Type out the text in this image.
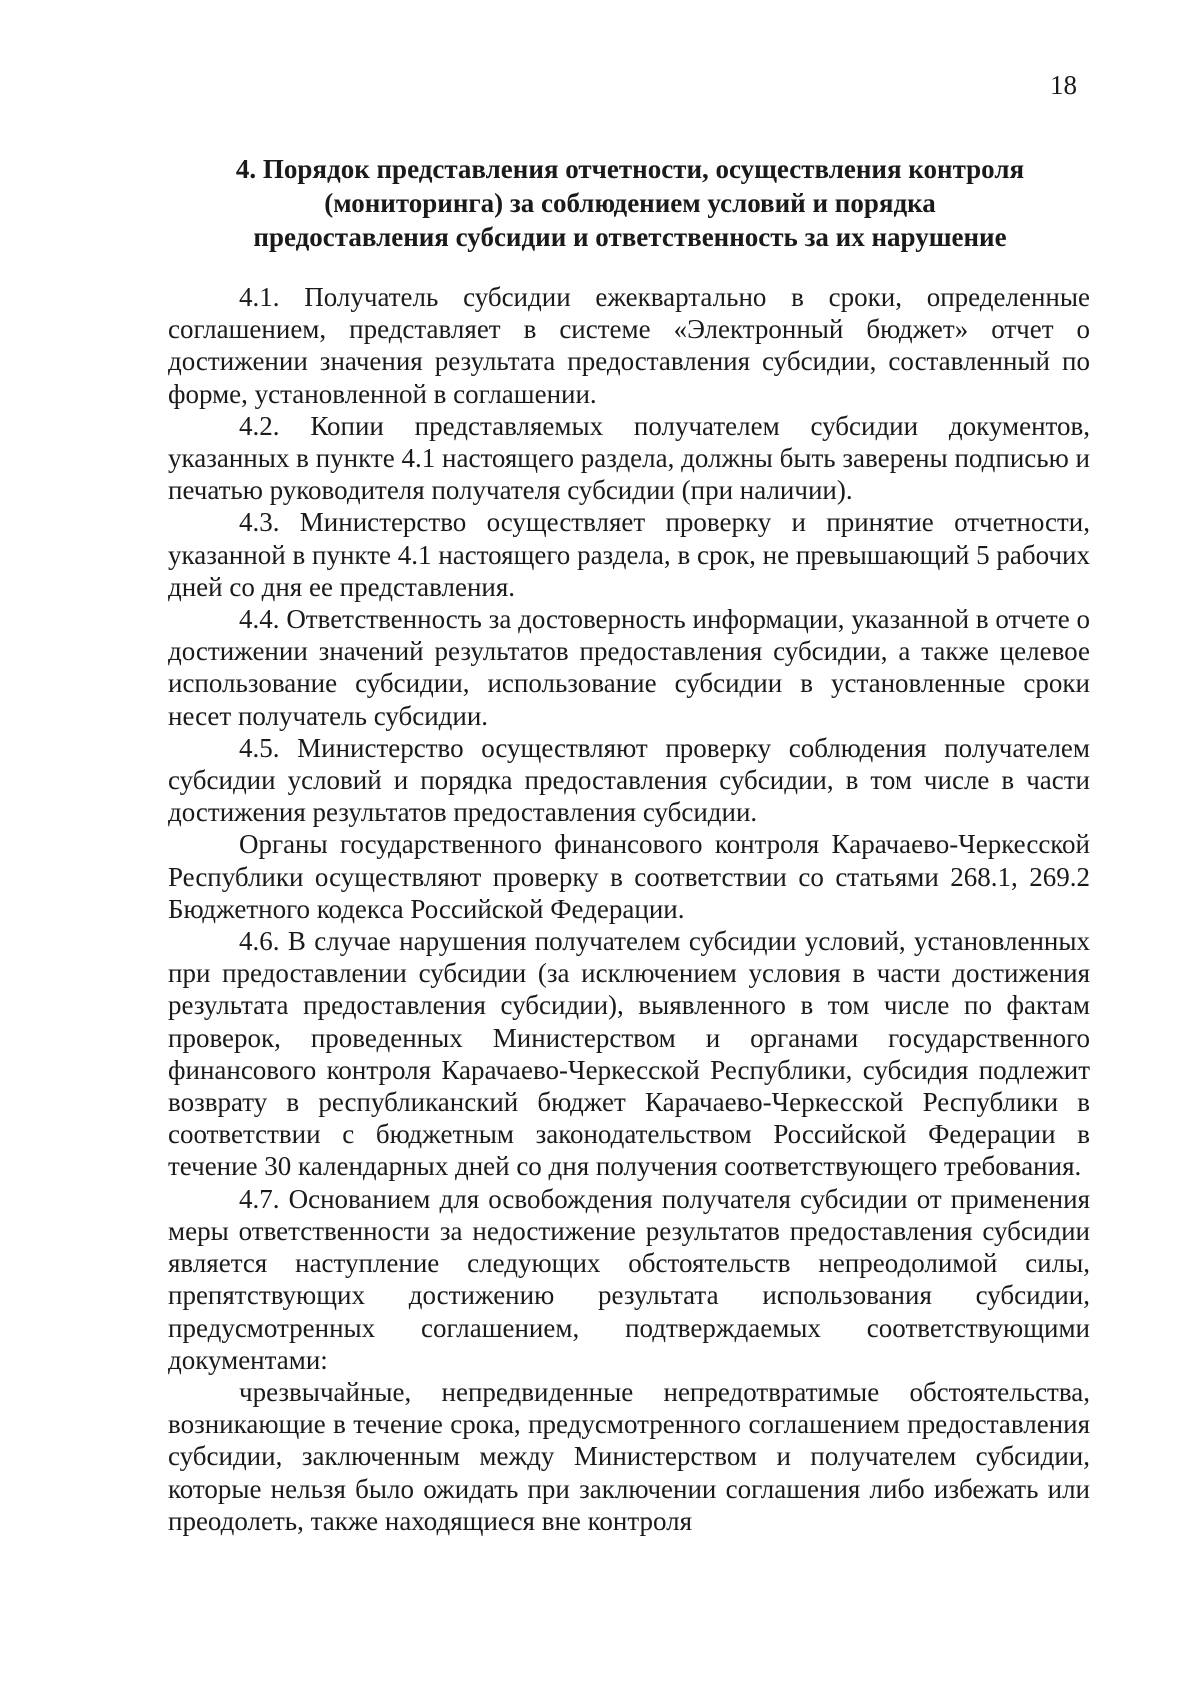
18
4. Порядок представления отчетности, осуществления контроля
(мониторинга) за соблюдением условий и порядка
предоставления субсидии и ответственность за их нарушение

4.1. Получатель субсидии ежеквартально в сроки, определенные соглашением, представляет в системе «Электронный бюджет» отчет о достижении значения результата предоставления субсидии, составленный по форме, установленной в соглашении.

4.2. Копии представляемых получателем субсидии документов, указанных в пункте 4.1 настоящего раздела, должны быть заверены подписью и печатью руководителя получателя субсидии (при наличии).

4.3. Министерство осуществляет проверку и принятие отчетности, указанной в пункте 4.1 настоящего раздела, в срок, не превышающий 5 рабочих дней со дня ее представления.

4.4. Ответственность за достоверность информации, указанной в отчете о достижении значений результатов предоставления субсидии, а также целевое использование субсидии, использование субсидии в установленные сроки несет получатель субсидии.

4.5. Министерство осуществляют проверку соблюдения получателем субсидии условий и порядка предоставления субсидии, в том числе в части достижения результатов предоставления субсидии.

Органы государственного финансового контроля Карачаево-Черкесской Республики осуществляют проверку в соответствии со статьями 268.1, 269.2 Бюджетного кодекса Российской Федерации.

4.6. В случае нарушения получателем субсидии условий, установленных при предоставлении субсидии (за исключением условия в части достижения результата предоставления субсидии), выявленного в том числе по фактам проверок, проведенных Министерством и органами государственного финансового контроля Карачаево-Черкесской Республики, субсидия подлежит возврату в республиканский бюджет Карачаево-Черкесской Республики в соответствии с бюджетным законодательством Российской Федерации в течение 30 календарных дней со дня получения соответствующего требования.

4.7. Основанием для освобождения получателя субсидии от применения меры ответственности за недостижение результатов предоставления субсидии является наступление следующих обстоятельств непреодолимой силы, препятствующих достижению результата использования субсидии, предусмотренных соглашением, подтверждаемых соответствующими документами:

чрезвычайные, непредвиденные непредотвратимые обстоятельства, возникающие в течение срока, предусмотренного соглашением предоставления субсидии, заключенным между Министерством и получателем субсидии, которые нельзя было ожидать при заключении соглашения либо избежать или преодолеть, также находящиеся вне контроля
